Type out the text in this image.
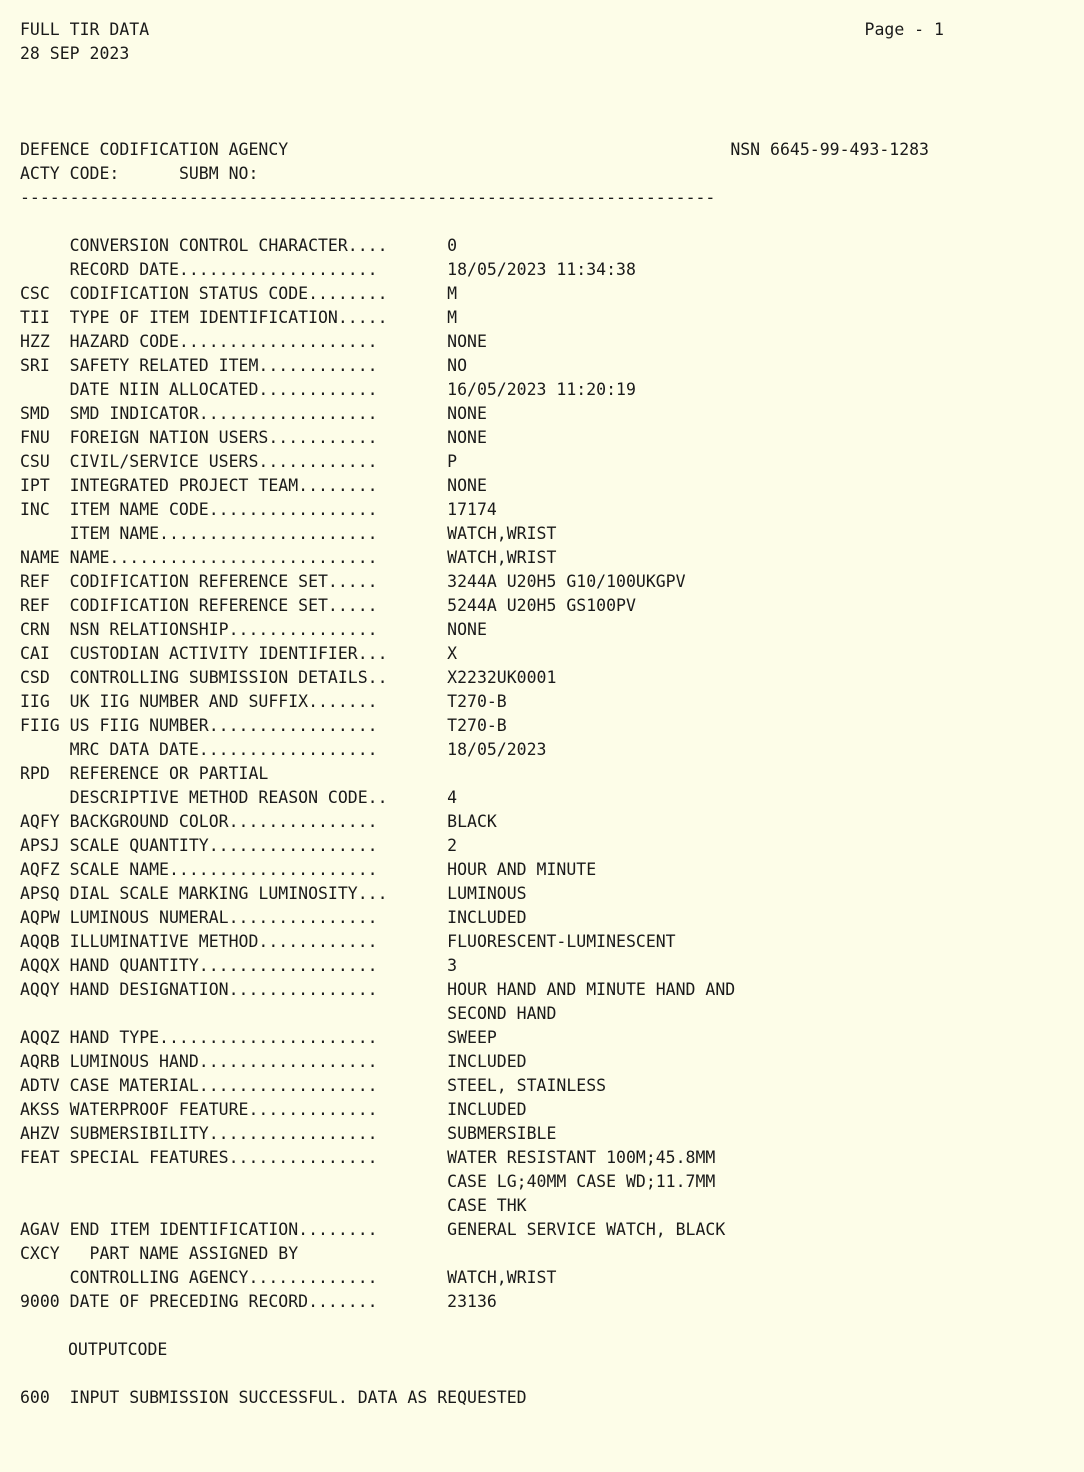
FULL TIR DATA	Page - 1
28 SEP 2023
DEFENCE CODIFICATION AGENCY	NSN 6645-99-493-1283
ACTY CODE:      SUBM NO:
----------------------------------------------------------------------
CONVERSION CONTROL CHARACTER....	0
RECORD DATE....................	18/05/2023 11:34:38
CSC CODIFICATION STATUS CODE........	M
TII TYPE OF ITEM IDENTIFICATION.....	M
HZZ HAZARD CODE....................	NONE
SRI SAFETY RELATED ITEM............	NO
DATE NIIN ALLOCATED............	16/05/2023 11:20:19
SMD SMD INDICATOR..................	NONE
FNU FOREIGN NATION USERS...........	NONE
CSU CIVIL/SERVICE USERS............	P
IPT INTEGRATED PROJECT TEAM........	NONE
INC ITEM NAME CODE.................	17174
ITEM NAME......................	WATCH,WRIST
NAME NAME...........................	WATCH,WRIST
REF CODIFICATION REFERENCE SET.....	3244A U20H5 G10/100UKGPV
REF CODIFICATION REFERENCE SET.....	5244A U20H5 GS100PV
CRN NSN RELATIONSHIP...............	NONE
CAI CUSTODIAN ACTIVITY IDENTIFIER...	X
CSD CONTROLLING SUBMISSION DETAILS..	X2232UK0001
IIG UK IIG NUMBER AND SUFFIX.......	T270-B
FIIG US FIIG NUMBER.................	T270-B
MRC DATA DATE..................	18/05/2023
RPD REFERENCE OR PARTIAL
DESCRIPTIVE METHOD REASON CODE..	4
AQFY BACKGROUND COLOR...............	BLACK
APSJ SCALE QUANTITY.................	2
AQFZ SCALE NAME.....................	HOUR AND MINUTE
APSQ DIAL SCALE MARKING LUMINOSITY...	LUMINOUS
AQPW LUMINOUS NUMERAL...............	INCLUDED
AQQB ILLUMINATIVE METHOD............	FLUORESCENT-LUMINESCENT
AQQX HAND QUANTITY..................	3
AQQY HAND DESIGNATION...............	HOUR HAND AND MINUTE HAND AND
SECOND HAND
AQQZ HAND TYPE......................	SWEEP
AQRB LUMINOUS HAND..................	INCLUDED
ADTV CASE MATERIAL..................	STEEL, STAINLESS
AKSS WATERPROOF FEATURE.............	INCLUDED
AHZV SUBMERSIBILITY.................	SUBMERSIBLE
FEAT SPECIAL FEATURES...............	WATER RESISTANT 100M;45.8MM
CASE LG;40MM CASE WD;11.7MM
CASE THK
AGAV END ITEM IDENTIFICATION........	GENERAL SERVICE WATCH, BLACK
CXCY  PART NAME ASSIGNED BY
CONTROLLING AGENCY.............	WATCH,WRIST
9000 DATE OF PRECEDING RECORD.......	23136
OUTPUTCODE
600 INPUT SUBMISSION SUCCESSFUL. DATA AS REQUESTED
